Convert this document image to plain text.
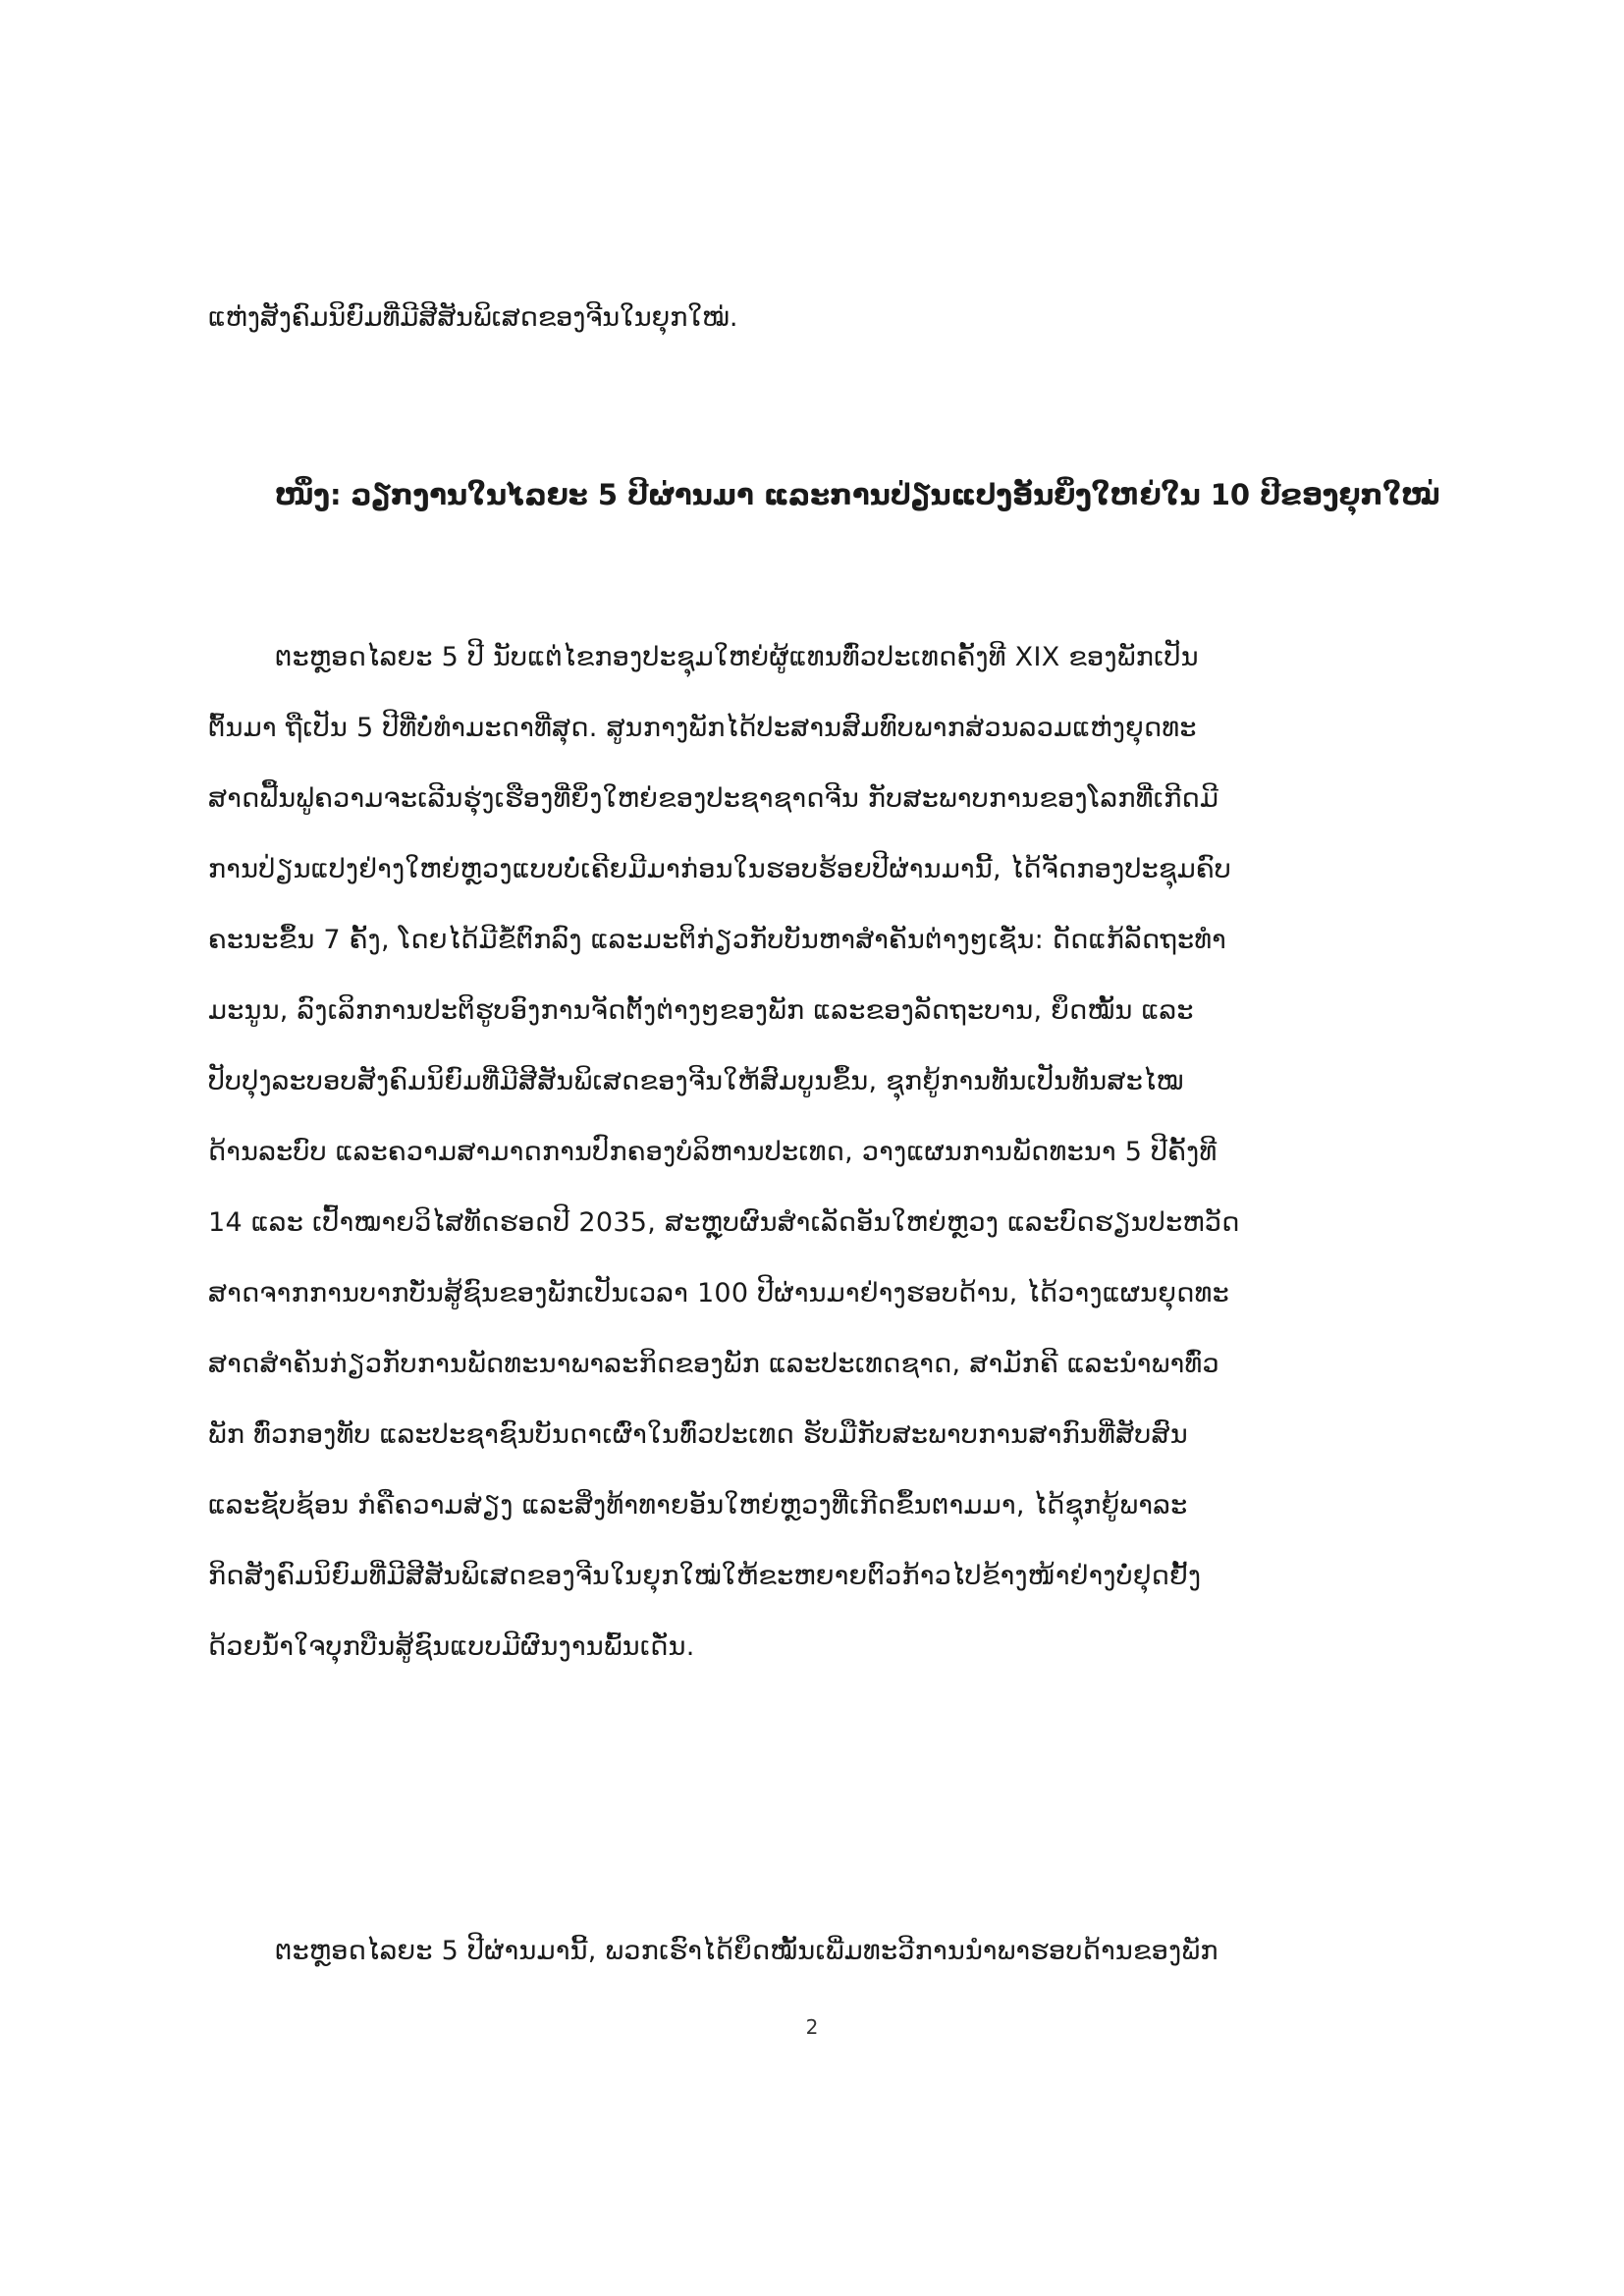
ແຫ່ງສັງຄົມນິຍົມທີ່ມີສີສັນພິເສດຂອງຈີນໃນຍຸກໃໝ່.
ໜຶ່ງ: ວຽກງານໃນໄລຍະ 5 ປີຜ່ານມາ ແລະການປ່ຽນແປງອັນຍິ່ງໃຫຍ່ໃນ 10 ປີຂອງຍຸກໃໝ່
ຕະຫຼອດໄລຍະ 5 ປີ ນັບແຕ່ໄຂກອງປະຊຸມໃຫຍ່ຜູ້ແທນທົ່ວປະເທດຄັ້ງທີ XIX ຂອງພັກເປັນ
ຕົ້ນມາ ຖືເປັນ 5 ປີທີ່ບໍ່ທຳມະດາທີ່ສຸດ. ສູນກາງພັກໄດ້ປະສານສົມທົບພາກສ່ວນລວມແຫ່ງຍຸດທະ
ສາດຟື້ນຟູຄວາມຈະເລີນຮຸ່ງເຮືອງທີ່ຍິ່ງໃຫຍ່ຂອງປະຊາຊາດຈີນ ກັບສະພາບການຂອງໂລກທີ່ເກີດມີ
ການປ່ຽນແປງຢ່າງໃຫຍ່ຫຼວງແບບບໍ່ເຄີຍມີມາກ່ອນໃນຮອບຮ້ອຍປີຜ່ານມານີ້, ໄດ້ຈັດກອງປະຊຸມຄົບ
ຄະນະຂຶ້ນ 7 ຄັ້ງ, ໂດຍໄດ້ມີຂໍ້ຕົກລົງ ແລະມະຕິກ່ຽວກັບບັນຫາສຳຄັນຕ່າງໆເຊັ່ນ: ດັດແກ້ລັດຖະທຳ
ມະນູນ, ລົງເລິກການປະຕິຮູບອົງການຈັດຕັ້ງຕ່າງໆຂອງພັກ ແລະຂອງລັດຖະບານ, ຍຶດໝັ້ນ ແລະ
ປັບປຸງລະບອບສັງຄົມນິຍົມທີ່ມີສີສັນພິເສດຂອງຈີນໃຫ້ສົມບູນຂຶ້ນ, ຊຸກຍູ້ການທັນເປັນທັນສະໄໝ
ດ້ານລະບົບ ແລະຄວາມສາມາດການປົກຄອງບໍລິຫານປະເທດ, ວາງແຜນການພັດທະນາ 5 ປີຄັ້ງທີ
14 ແລະ ເປົ້າໝາຍວິໄສທັດຮອດປີ 2035, ສະຫຼຸບຜົນສຳເລັດອັນໃຫຍ່ຫຼວງ ແລະບົດຮຽນປະຫວັດ
ສາດຈາກການບາກບັ່ນສູ້ຊົນຂອງພັກເປັນເວລາ 100 ປີຜ່ານມາຢ່າງຮອບດ້ານ, ໄດ້ວາງແຜນຍຸດທະ
ສາດສຳຄັນກ່ຽວກັບການພັດທະນາພາລະກິດຂອງພັກ ແລະປະເທດຊາດ, ສາມັກຄີ ແລະນຳພາທົ່ວ
ພັກ ທົ່ວກອງທັບ ແລະປະຊາຊົນບັນດາເຜົ່າໃນທົ່ວປະເທດ ຮັບມືກັບສະພາບການສາກົນທີ່ສັບສົນ
ແລະຊັບຊ້ອນ ກໍຄືຄວາມສ່ຽງ ແລະສິ່ງທ້າທາຍອັນໃຫຍ່ຫຼວງທີ່ເກີດຂຶ້ນຕາມມາ, ໄດ້ຊຸກຍູ້ພາລະ
ກິດສັງຄົມນິຍົມທີ່ມີສີສັນພິເສດຂອງຈີນໃນຍຸກໃໝ່ໃຫ້ຂະຫຍາຍຕົວກ້າວໄປຂ້າງໜ້າຢ່າງບໍ່ຢຸດຢັ້ງ
ດ້ວຍນ້ຳໃຈບຸກບືນສູ້ຊົນແບບມີຜົນງານພົ້ນເດັ່ນ.
ຕະຫຼອດໄລຍະ 5 ປີຜ່ານມານີ້, ພວກເຮົາໄດ້ຍຶດໝັ້ນເພີ່ມທະວີການນຳພາຮອບດ້ານຂອງພັກ
2
